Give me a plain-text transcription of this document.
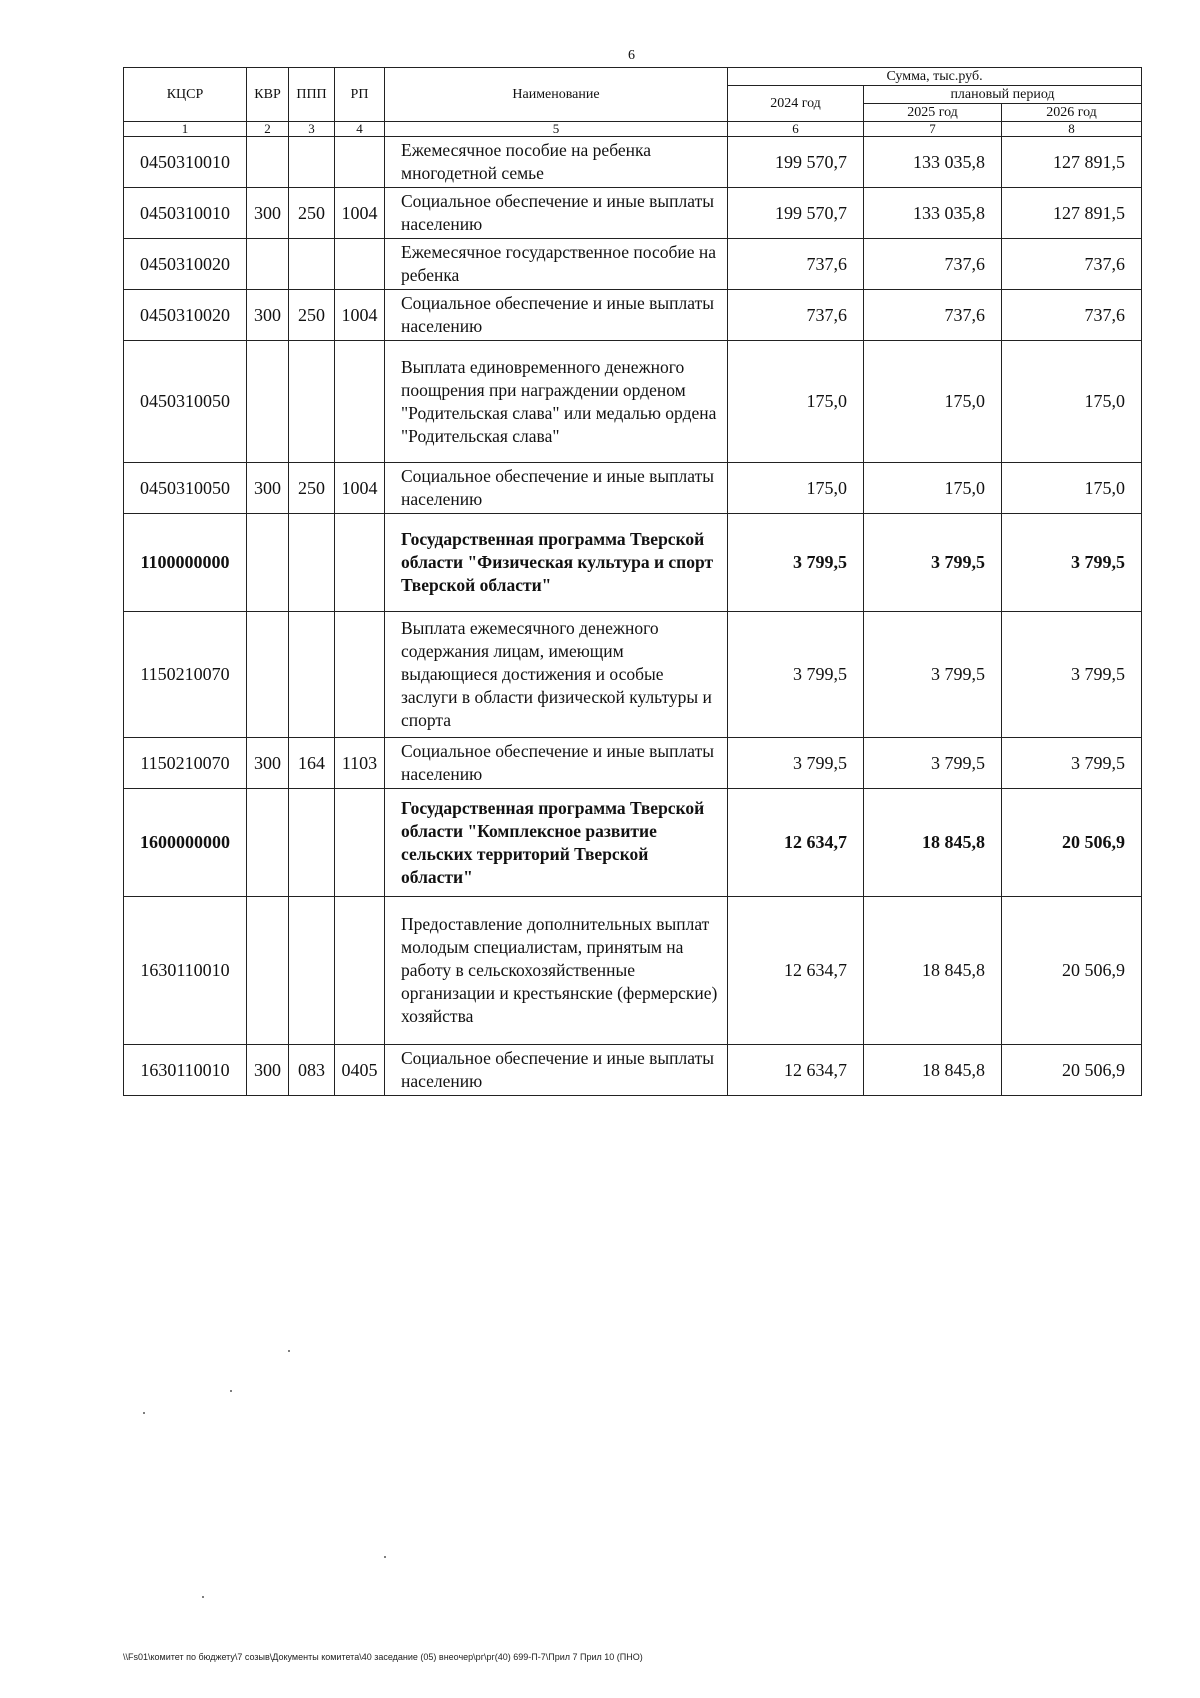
6
КЦСР	КВР	ППП	РП	Наименование	Сумма, тыс.руб.		
					2024 год	плановый период	
						2025 год	2026 год
1	2	3	4	5	6	7	8
0450310010				Ежемесячное пособие на ребенка многодетной семье	199 570,7	133 035,8	127 891,5
0450310010	300	250	1004	Социальное обеспечение и иные выплаты населению	199 570,7	133 035,8	127 891,5
0450310020				Ежемесячное государственное пособие на ребенка	737,6	737,6	737,6
0450310020	300	250	1004	Социальное обеспечение и иные выплаты населению	737,6	737,6	737,6
0450310050				Выплата единовременного денежного поощрения при награждении орденом "Родительская слава" или медалью ордена "Родительская слава"	175,0	175,0	175,0
0450310050	300	250	1004	Социальное обеспечение и иные выплаты населению	175,0	175,0	175,0
1100000000				Государственная программа Тверской области "Физическая культура и спорт Тверской области"	3 799,5	3 799,5	3 799,5
1150210070				Выплата ежемесячного денежного содержания лицам, имеющим выдающиеся достижения и особые заслуги в области физической культуры и спорта	3 799,5	3 799,5	3 799,5
1150210070	300	164	1103	Социальное обеспечение и иные выплаты населению	3 799,5	3 799,5	3 799,5
1600000000				Государственная программа Тверской области "Комплексное развитие сельских территорий Тверской области"	12 634,7	18 845,8	20 506,9
1630110010				Предоставление дополнительных выплат молодым специалистам, принятым на работу в сельскохозяйственные организации и крестьянские (фермерские) хозяйства	12 634,7	18 845,8	20 506,9
1630110010	300	083	0405	Социальное обеспечение и иные выплаты населению	12 634,7	18 845,8	20 506,9
\\Fs01\комитет по бюджету\7 созыв\Документы комитета\40 заседание (05) внеочер\рг\рг(40) 699-П-7\Прил 7 Прил 10 (ПНО)
